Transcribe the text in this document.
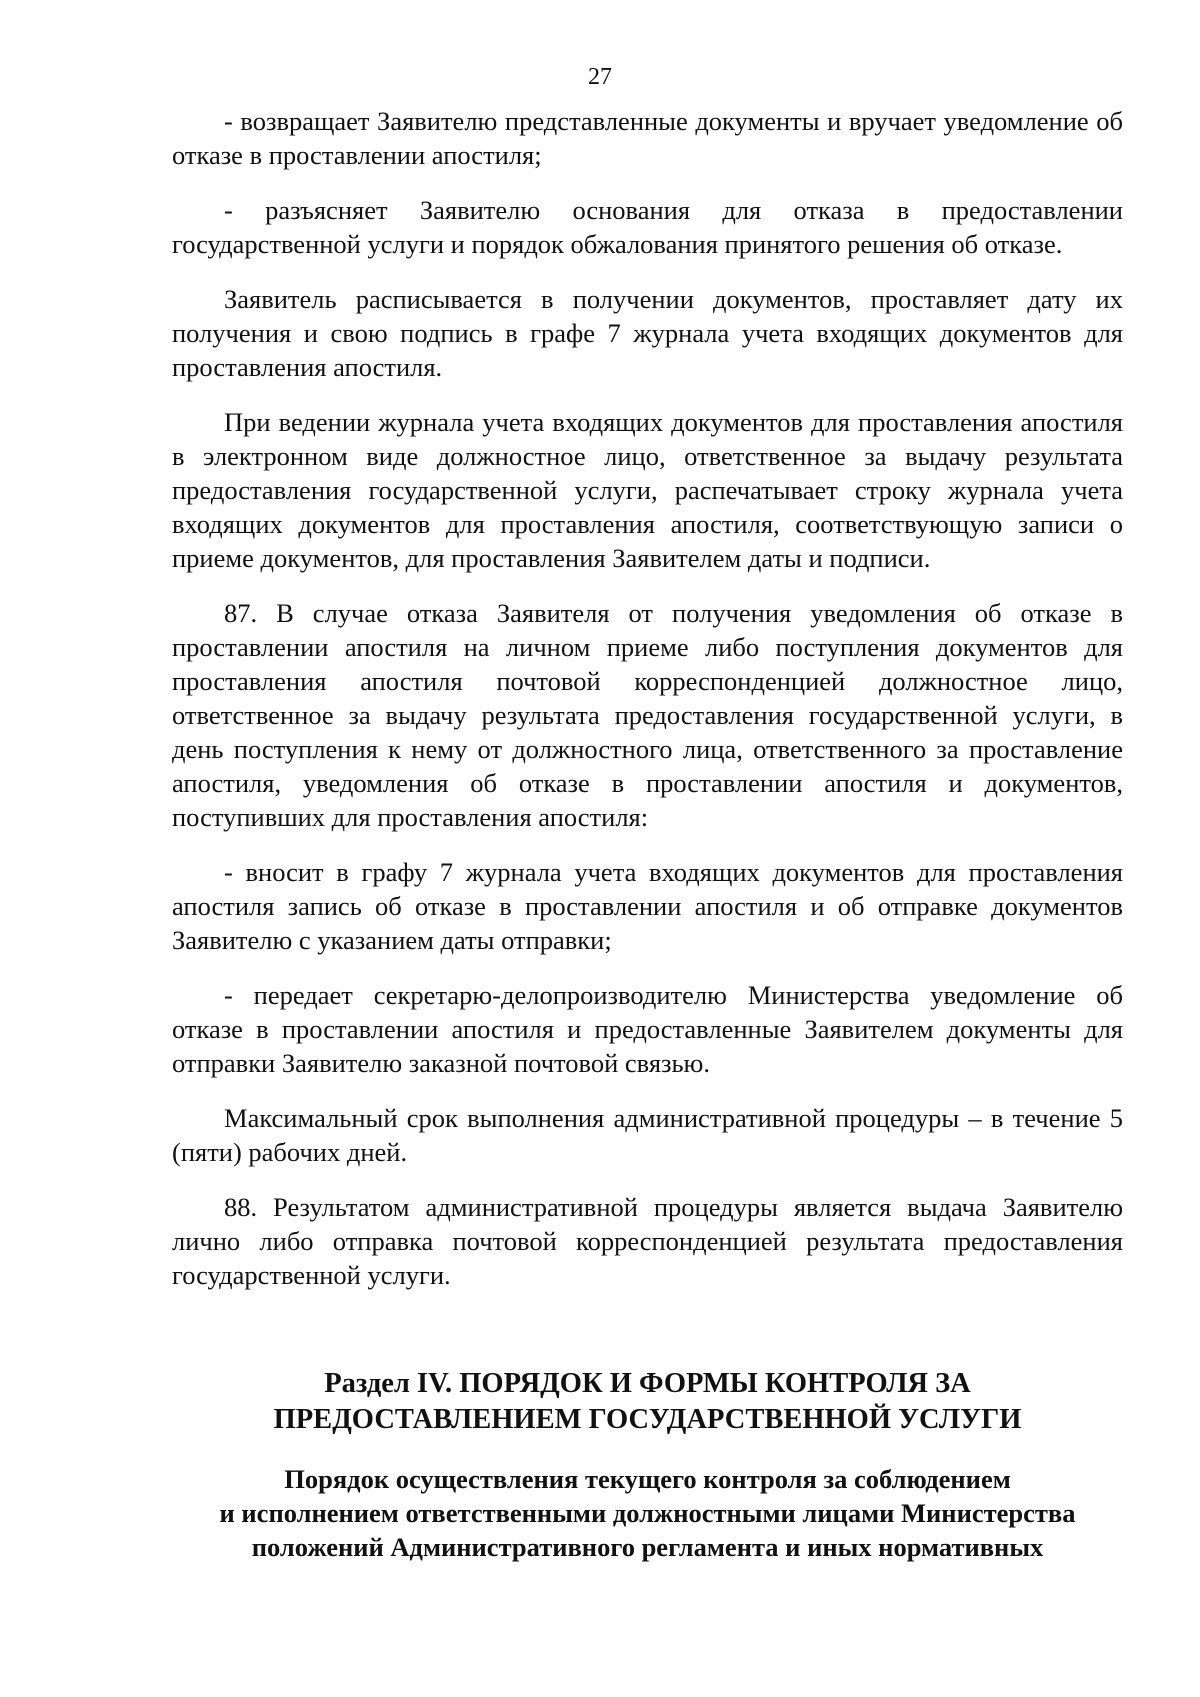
27

- возвращает Заявителю представленные документы и вручает уведомление об отказе в проставлении апостиля;

- разъясняет Заявителю основания для отказа в предоставлении государственной услуги и порядок обжалования принятого решения об отказе.

Заявитель расписывается в получении документов, проставляет дату их получения и свою подпись в графе 7 журнала учета входящих документов для проставления апостиля.

При ведении журнала учета входящих документов для проставления апостиля в электронном виде должностное лицо, ответственное за выдачу результата предоставления государственной услуги, распечатывает строку журнала учета входящих документов для проставления апостиля, соответствующую записи о приеме документов, для проставления Заявителем даты и подписи.

87. В случае отказа Заявителя от получения уведомления об отказе в проставлении апостиля на личном приеме либо поступления документов для проставления апостиля почтовой корреспонденцией должностное лицо, ответственное за выдачу результата предоставления государственной услуги, в день поступления к нему от должностного лица, ответственного за проставление апостиля, уведомления об отказе в проставлении апостиля и документов, поступивших для проставления апостиля:

- вносит в графу 7 журнала учета входящих документов для проставления апостиля запись об отказе в проставлении апостиля и об отправке документов Заявителю с указанием даты отправки;

- передает секретарю-делопроизводителю Министерства уведомление об отказе в проставлении апостиля и предоставленные Заявителем документы для отправки Заявителю заказной почтовой связью.

Максимальный срок выполнения административной процедуры – в течение 5 (пяти) рабочих дней.

88. Результатом административной процедуры является выдача Заявителю лично либо отправка почтовой корреспонденцией результата предоставления государственной услуги.

Раздел IV. ПОРЯДОК И ФОРМЫ КОНТРОЛЯ ЗА
ПРЕДОСТАВЛЕНИЕМ ГОСУДАРСТВЕННОЙ УСЛУГИ
Порядок осуществления текущего контроля за соблюдением
и исполнением ответственными должностными лицами Министерства
положений Административного регламента и иных нормативных
